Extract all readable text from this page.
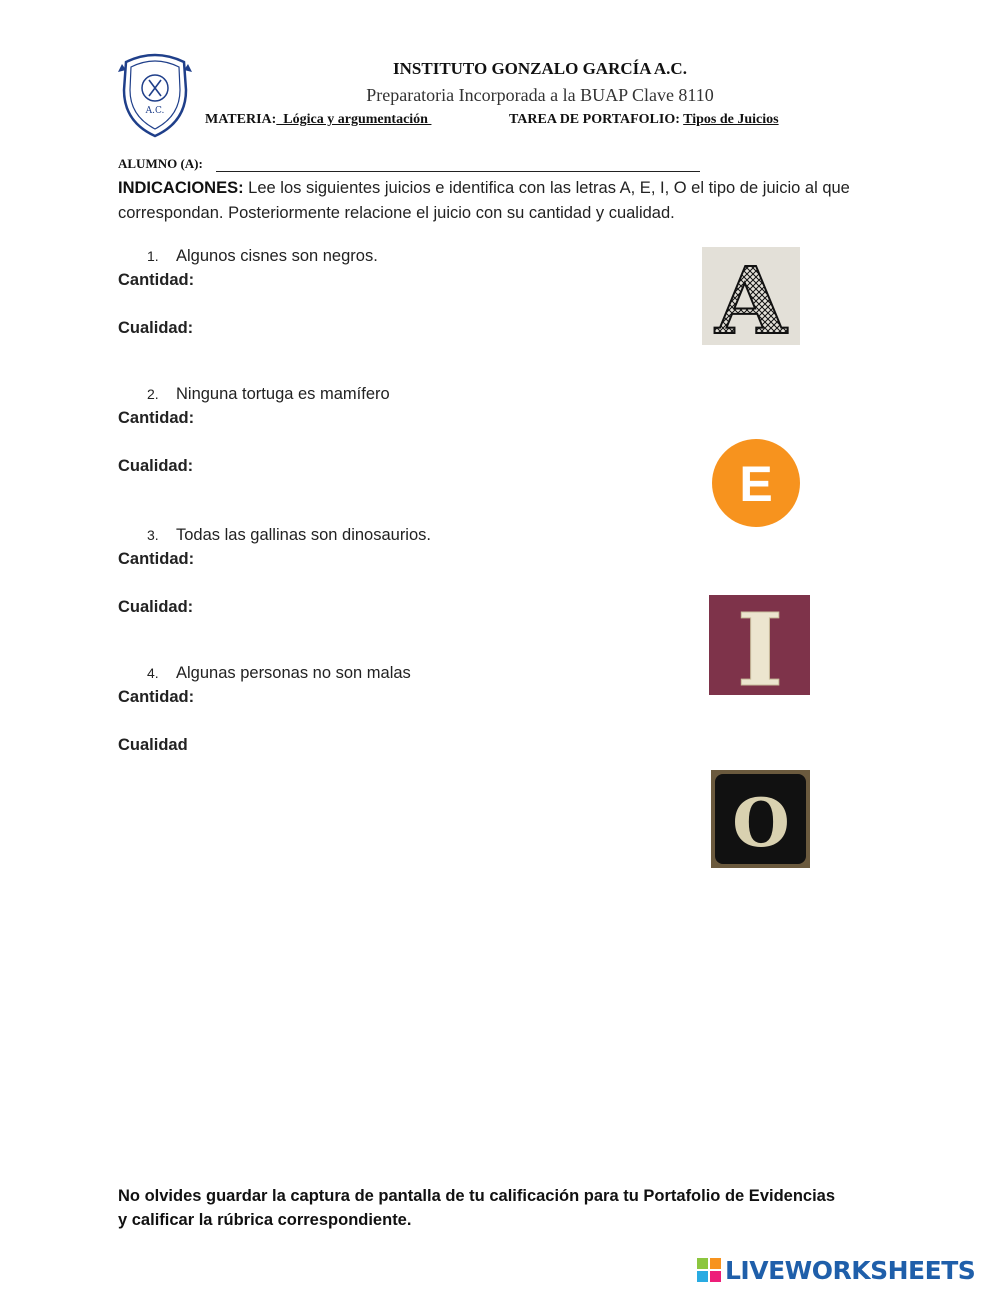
A.C.
INSTITUTO GONZALO GARCÍA A.C.
Preparatoria Incorporada a la BUAP Clave 8110
MATERIA:  Lógica y argumentación	TAREA DE PORTAFOLIO: Tipos de Juicios
ALUMNO (A):
INDICACIONES: Lee los siguientes juicios e identifica con las letras A, E, I, O el tipo de juicio al que correspondan. Posteriormente relacione el juicio con su cantidad y cualidad.
1. Algunos cisnes son negros.
Cantidad:
Cualidad:
2. Ninguna tortuga es mamífero
Cantidad:
Cualidad:
3. Todas las gallinas son dinosaurios.
Cantidad:
Cualidad:
4. Algunas personas no son malas
Cantidad:
Cualidad
A
E
I
O
No olvides guardar la captura de pantalla de tu calificación para tu Portafolio de Evidencias y calificar la rúbrica correspondiente.
LIVEWORKSHEETS
